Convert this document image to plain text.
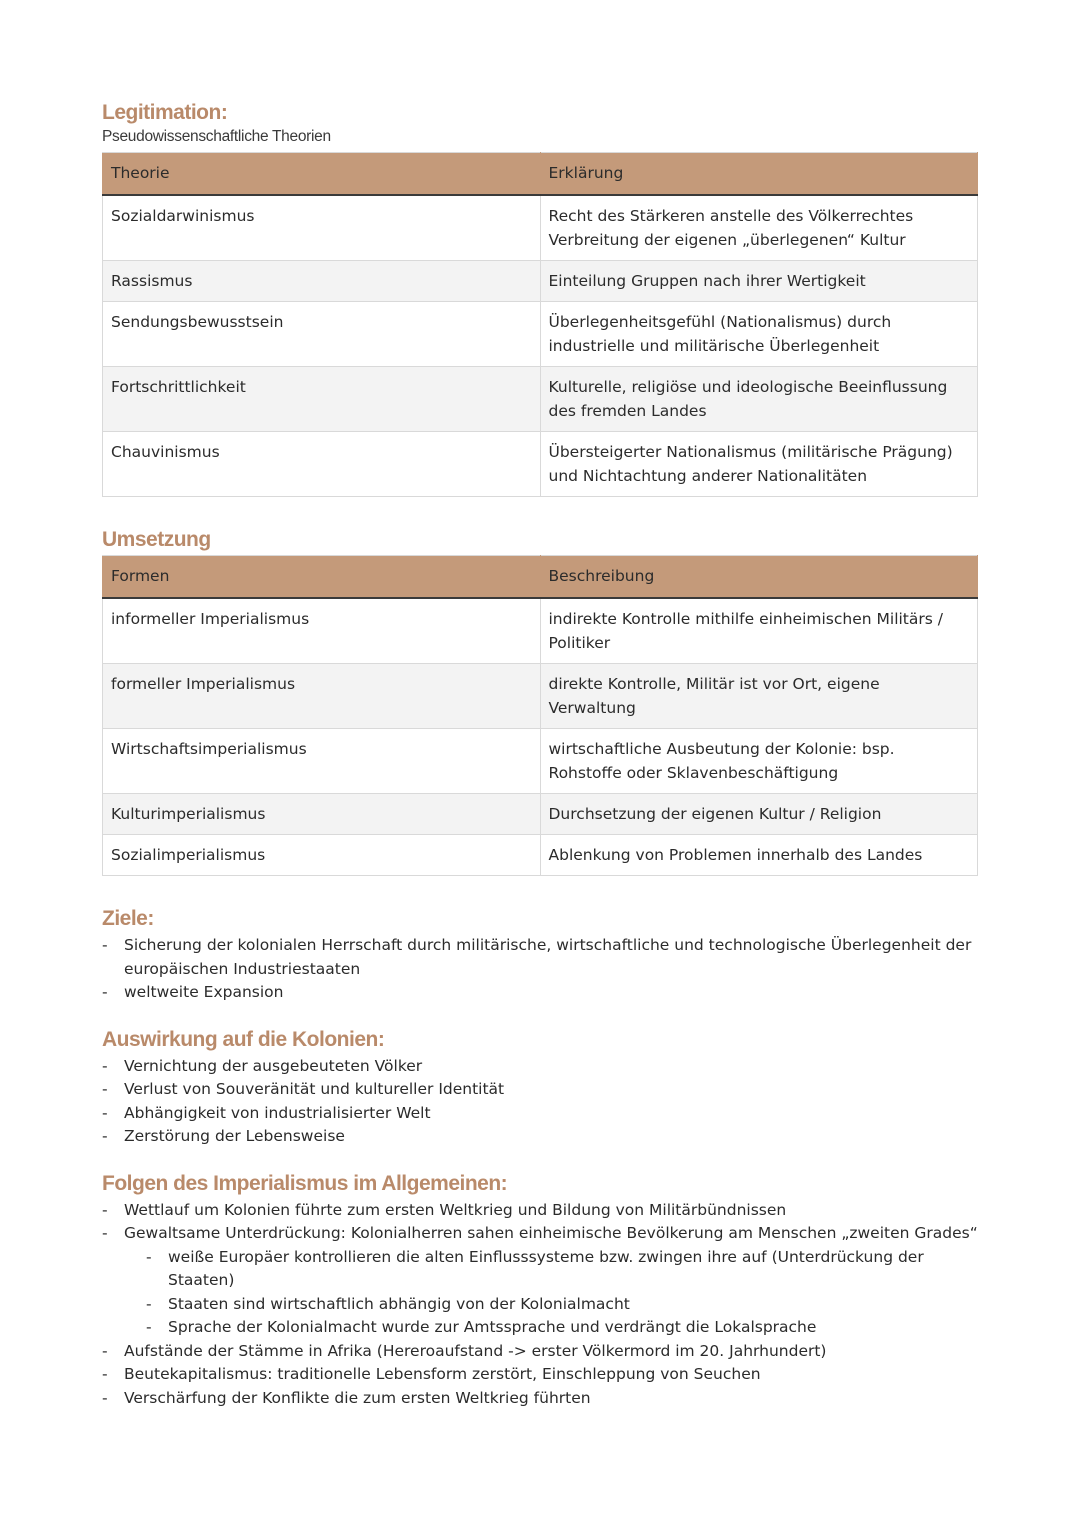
Legitimation:
Pseudowissenschaftliche Theorien
Theorie	Erklärung
Sozialdarwinismus	Recht des Stärkeren anstelle des Völkerrechtes
Verbreitung der eigenen „überlegenen“ Kultur
Rassismus	Einteilung Gruppen nach ihrer Wertigkeit
Sendungsbewusstsein	Überlegenheitsgefühl (Nationalismus) durch industrielle und militärische Überlegenheit
Fortschrittlichkeit	Kulturelle, religiöse und ideologische Beeinflussung des fremden Landes
Chauvinismus	Übersteigerter Nationalismus (militärische Prägung) und Nichtachtung anderer Nationalitäten
Umsetzung
Formen	Beschreibung
informeller Imperialismus	indirekte Kontrolle mithilfe einheimischen Militärs / Politiker
formeller Imperialismus	direkte Kontrolle, Militär ist vor Ort, eigene Verwaltung
Wirtschaftsimperialismus	wirtschaftliche Ausbeutung der Kolonie: bsp. Rohstoffe oder Sklavenbeschäftigung
Kulturimperialismus	Durchsetzung der eigenen Kultur / Religion
Sozialimperialismus	Ablenkung von Problemen innerhalb des Landes
Ziele:
- Sicherung der kolonialen Herrschaft durch militärische, wirtschaftliche und technologische Überlegenheit der europäischen Industriestaaten
- weltweite Expansion
Auswirkung auf die Kolonien:
- Vernichtung der ausgebeuteten Völker
- Verlust von Souveränität und kultureller Identität
- Abhängigkeit von industrialisierter Welt
- Zerstörung der Lebensweise
Folgen des Imperialismus im Allgemeinen:
- Wettlauf um Kolonien führte zum ersten Weltkrieg und Bildung von Militärbündnissen
- Gewaltsame Unterdrückung: Kolonialherren sahen einheimische Bevölkerung am Menschen „zweiten Grades“
- weiße Europäer kontrollieren die alten Einflusssysteme bzw. zwingen ihre auf (Unterdrückung der Staaten)
- Staaten sind wirtschaftlich abhängig von der Kolonialmacht
- Sprache der Kolonialmacht wurde zur Amtssprache und verdrängt die Lokalsprache
- Aufstände der Stämme in Afrika (Hereroaufstand -> erster Völkermord im 20. Jahrhundert)
- Beutekapitalismus: traditionelle Lebensform zerstört, Einschleppung von Seuchen
- Verschärfung der Konflikte die zum ersten Weltkrieg führten
